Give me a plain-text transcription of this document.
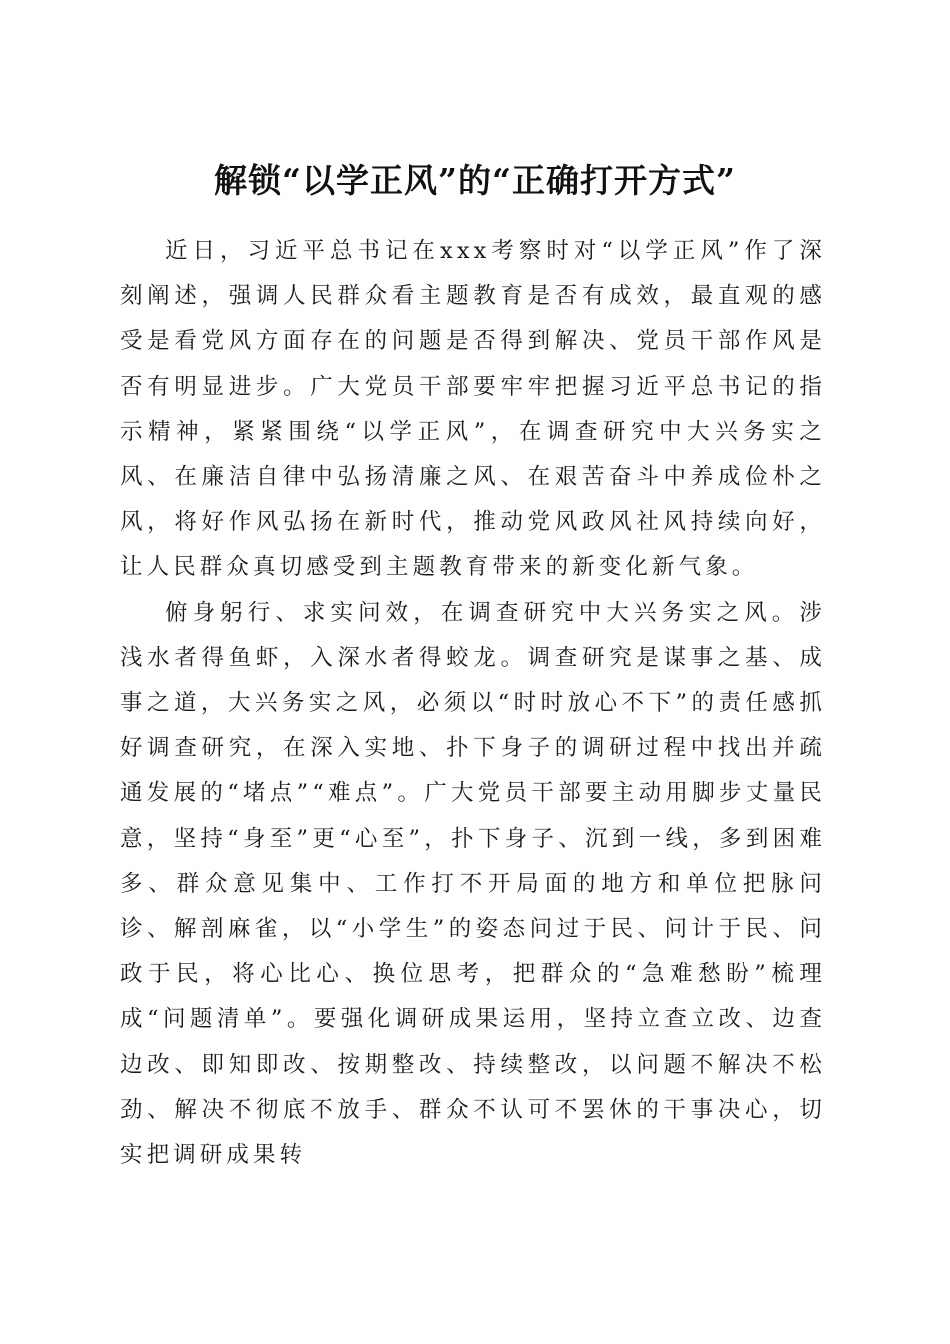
解锁“以学正风”的“正确打开方式”

近日，习近平总书记在xxx考察时对“以学正风”作了深刻阐述，强调人民群众看主题教育是否有成效，最直观的感受是看党风方面存在的问题是否得到解决、党员干部作风是否有明显进步。广大党员干部要牢牢把握习近平总书记的指示精神，紧紧围绕“以学正风”，在调查研究中大兴务实之风、在廉洁自律中弘扬清廉之风、在艰苦奋斗中养成俭朴之风，将好作风弘扬在新时代，推动党风政风社风持续向好，让人民群众真切感受到主题教育带来的新变化新气象。

俯身躬行、求实问效，在调查研究中大兴务实之风。涉浅水者得鱼虾，入深水者得蛟龙。调查研究是谋事之基、成事之道，大兴务实之风，必须以“时时放心不下”的责任感抓好调查研究，在深入实地、扑下身子的调研过程中找出并疏通发展的“堵点”“难点”。广大党员干部要主动用脚步丈量民意，坚持“身至”更“心至”，扑下身子、沉到一线，多到困难多、群众意见集中、工作打不开局面的地方和单位把脉问诊、解剖麻雀，以“小学生”的姿态问过于民、问计于民、问政于民，将心比心、换位思考，把群众的“急难愁盼”梳理成“问题清单”。要强化调研成果运用，坚持立查立改、边查边改、即知即改、按期整改、持续整改，以问题不解决不松劲、解决不彻底不放手、群众不认可不罢休的干事决心，切实把调研成果转
